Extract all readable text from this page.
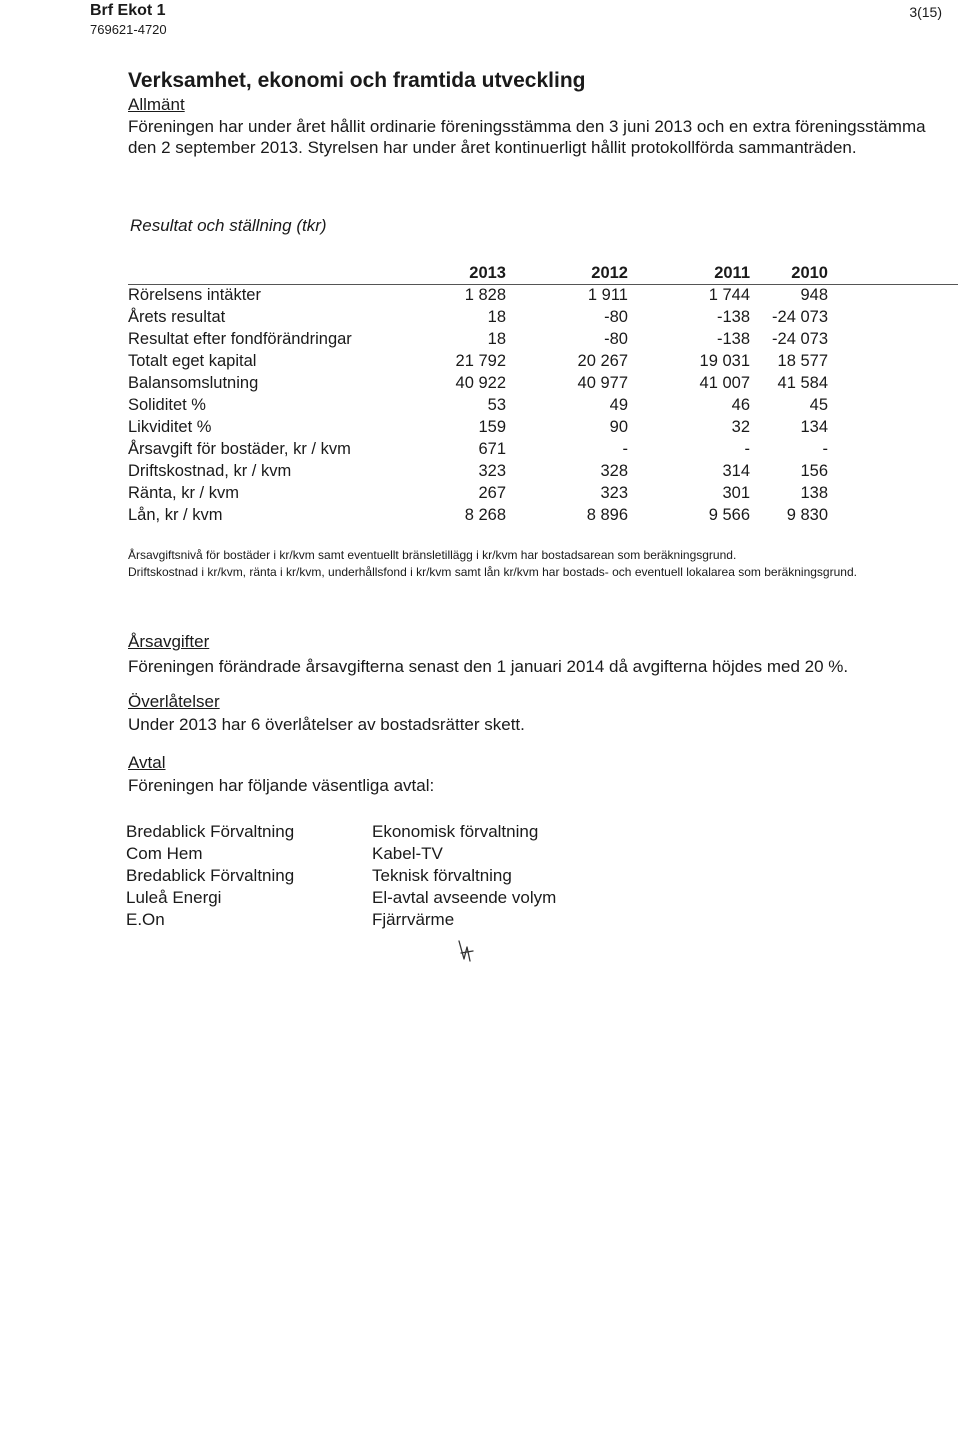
Brf Ekot 1
769621-4720
3(15)
Verksamhet, ekonomi och framtida utveckling
Allmänt
Föreningen har under året hållit ordinarie föreningsstämma den 3 juni 2013 och en extra föreningsstämma den 2 september 2013. Styrelsen har under året kontinuerligt hållit protokollförda sammanträden.
Resultat och ställning (tkr)
2013	2012	2011	2010
Rörelsens intäkter	1 828	1 911	1 744	948
Årets resultat	18	-80	-138	-24 073
Resultat efter fondförändringar	18	-80	-138	-24 073
Totalt eget kapital	21 792	20 267	19 031	18 577
Balansomslutning	40 922	40 977	41 007	41 584
Soliditet %	53	49	46	45
Likviditet %	159	90	32	134
Årsavgift för bostäder, kr / kvm	671	-	-	-
Driftskostnad, kr / kvm	323	328	314	156
Ränta, kr / kvm	267	323	301	138
Lån, kr / kvm	8 268	8 896	9 566	9 830
Årsavgiftsnivå för bostäder i kr/kvm samt eventuellt bränsletillägg i kr/kvm har bostadsarean som beräkningsgrund.
Driftskostnad i kr/kvm, ränta i kr/kvm, underhållsfond i kr/kvm samt lån kr/kvm har bostads- och eventuell lokalarea som beräkningsgrund.
Årsavgifter
Föreningen förändrade årsavgifterna senast den 1 januari 2014 då avgifterna höjdes med 20 %.
Överlåtelser
Under 2013 har 6 överlåtelser av bostadsrätter skett.
Avtal
Föreningen har följande väsentliga avtal:
Bredablick Förvaltning	Ekonomisk förvaltning
Com Hem	Kabel-TV
Bredablick Förvaltning	Teknisk förvaltning
Luleå Energi	El-avtal avseende volym
E.On	Fjärrvärme
